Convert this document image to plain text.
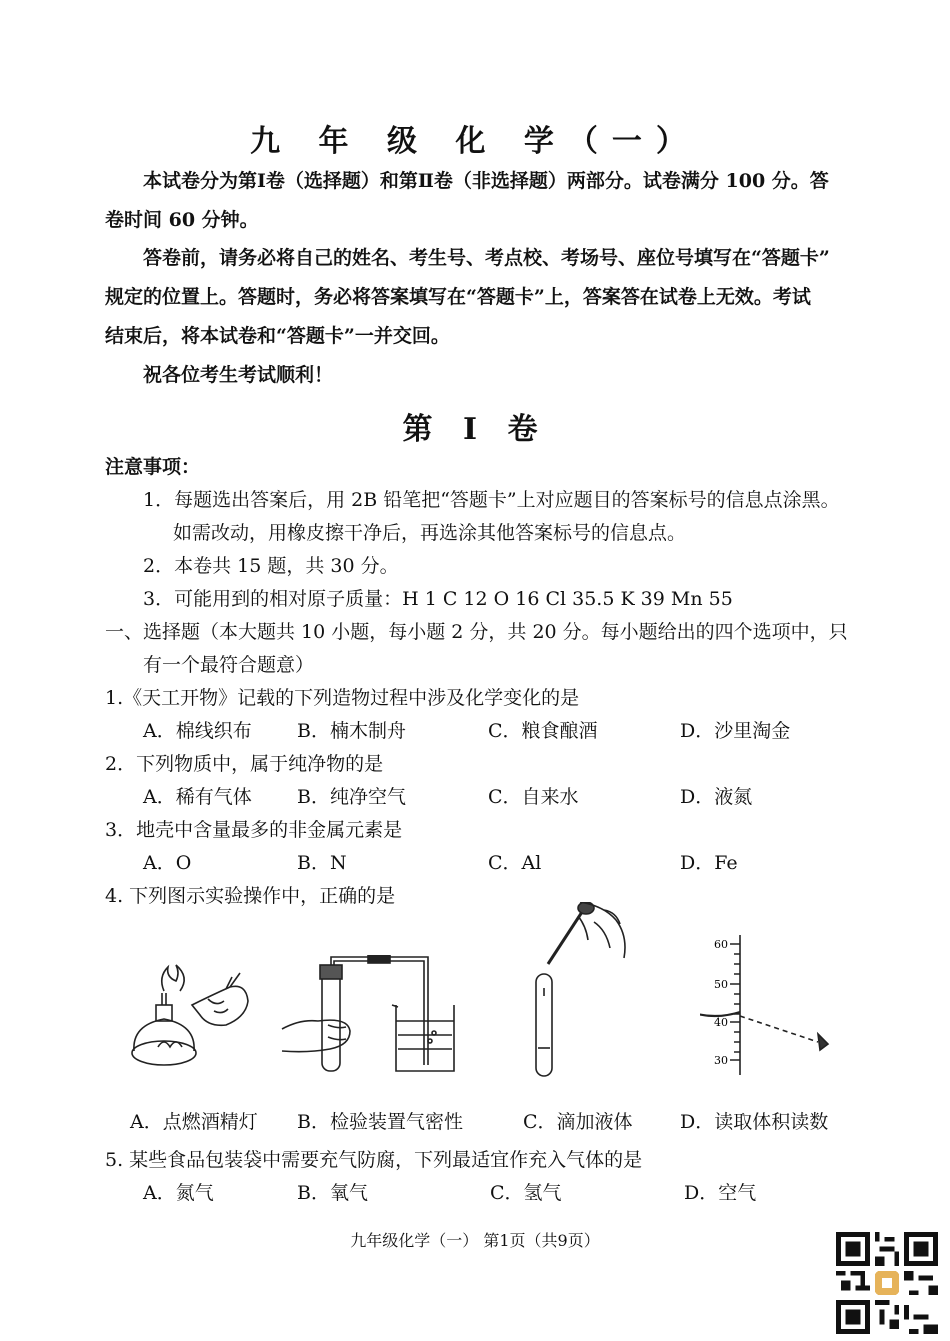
九 年 级 化 学（一）
本试卷分为第Ⅰ卷（选择题）和第Ⅱ卷（非选择题）两部分。试卷满分 100 分。答
卷时间 60 分钟。
答卷前，请务必将自己的姓名、考生号、考点校、考场号、座位号填写在“答题卡”
规定的位置上。答题时，务必将答案填写在“答题卡”上，答案答在试卷上无效。考试
结束后，将本试卷和“答题卡”一并交回。
祝各位考生考试顺利！
第 Ⅰ 卷
注意事项：
1．每题选出答案后，用 2B 铅笔把“答题卡”上对应题目的答案标号的信息点涂黑。
如需改动，用橡皮擦干净后，再选涂其他答案标号的信息点。
2．本卷共 15 题，共 30 分。
3．可能用到的相对原子质量：H 1 C 12 O 16 Cl 35.5 K 39 Mn 55
一、选择题（本大题共 10 小题，每小题 2 分，共 20 分。每小题给出的四个选项中，只
有一个最符合题意）
1.《天工开物》记载的下列造物过程中涉及化学变化的是
A．棉线织布 B．楠木制舟	C．粮食酿酒	D．沙里淘金
2．下列物质中，属于纯净物的是
A．稀有气体 B．纯净空气	C．自来水	D．液氮
3．地壳中含量最多的非金属元素是
A．O	B．N	C．Al	D．Fe
4. 下列图示实验操作中，正确的是
60
50
40
30
A．点燃酒精灯 B．检验装置气密性	C．滴加液体 D．读取体积读数
5. 某些食品包装袋中需要充气防腐，下列最适宜作充入气体的是
A．氮气	B．氧气	C．氢气	D．空气
九年级化学（一） 第1页（共9页）
